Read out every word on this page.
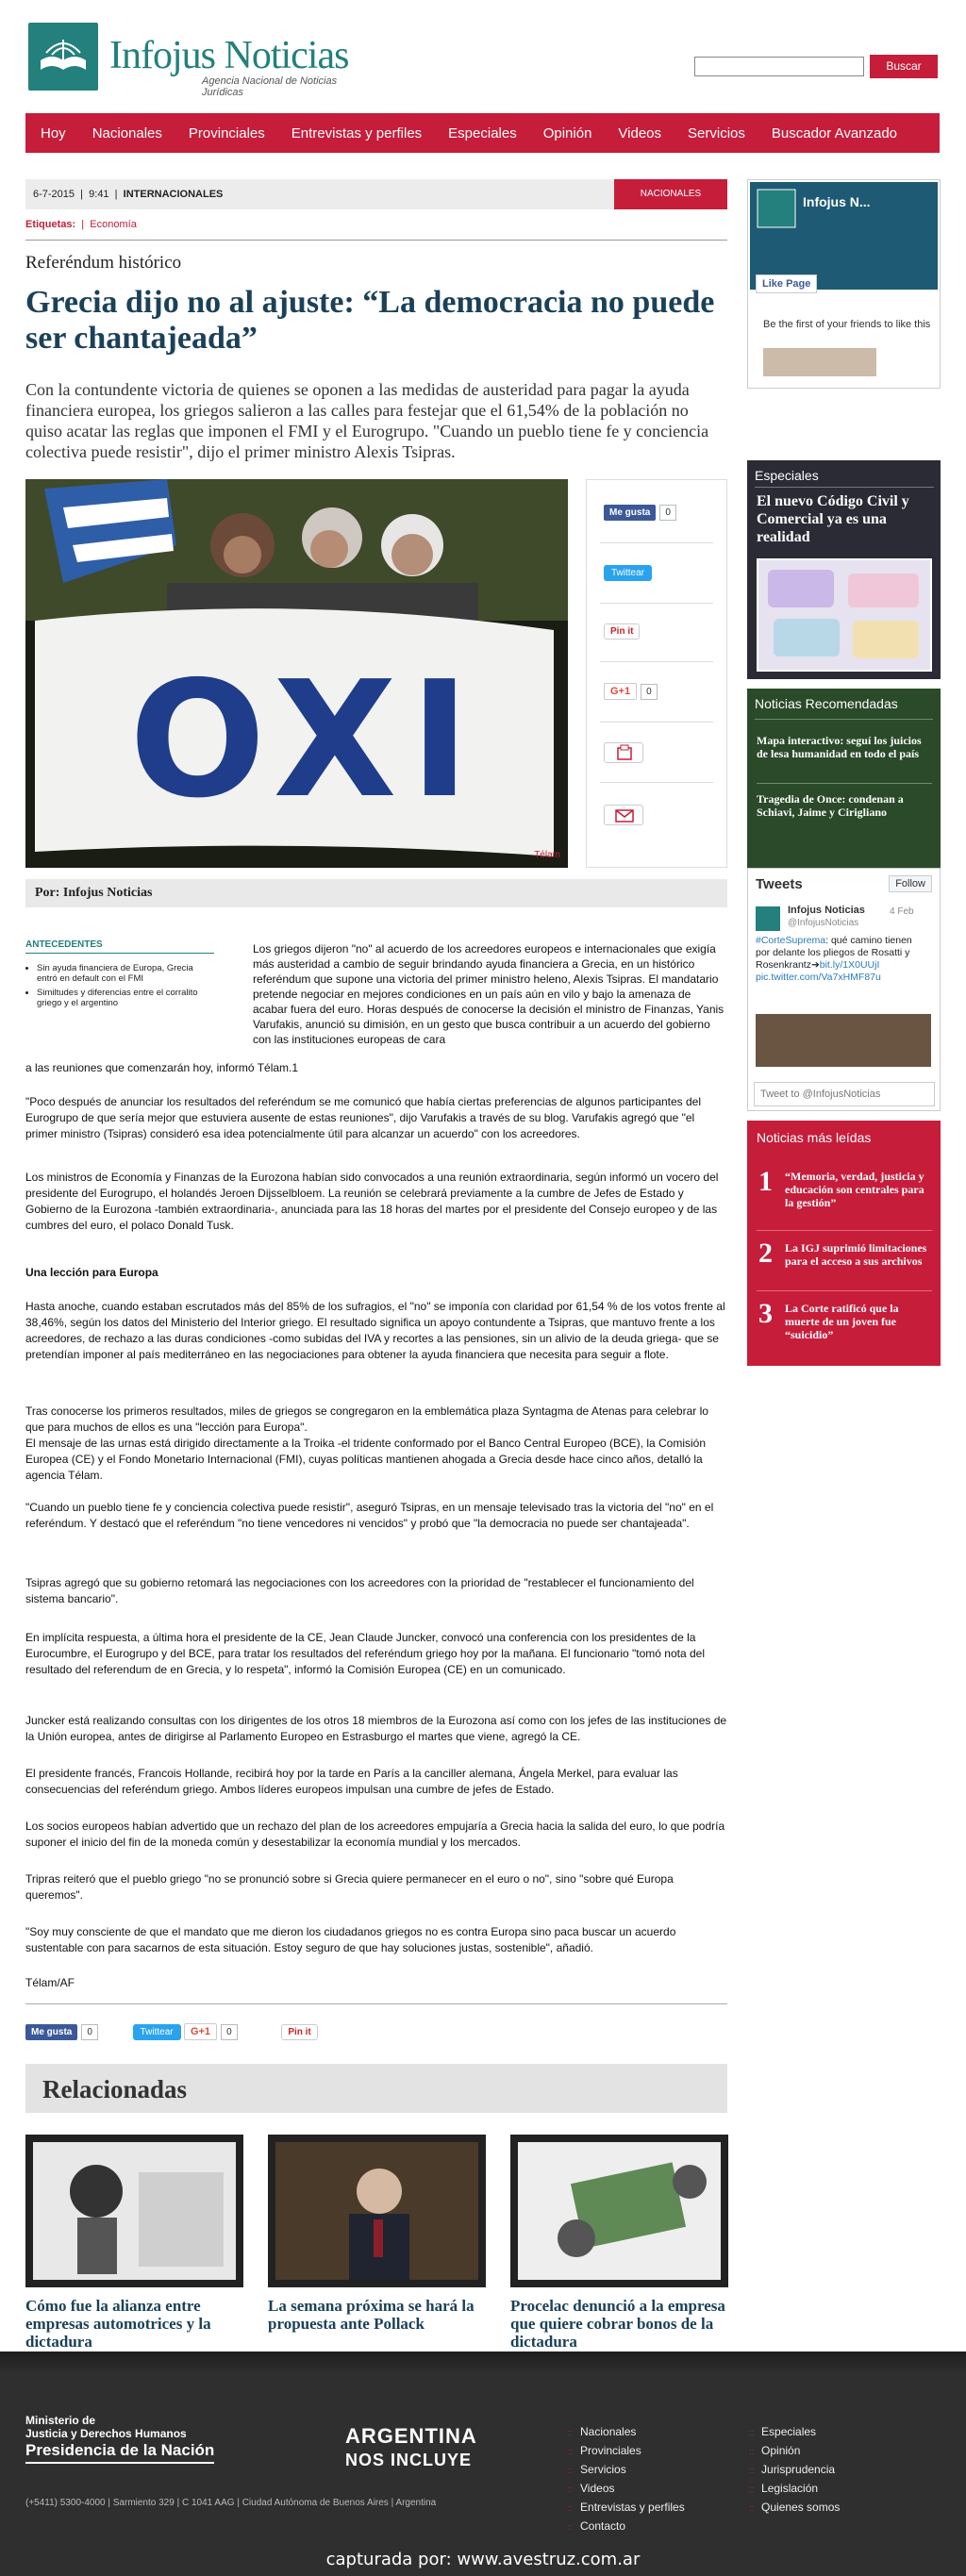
Infojus Noticias
Agencia Nacional de Noticias Jurídicas
Buscar
Hoy Nacionales Provinciales Entrevistas y perfiles Especiales Opinión Videos Servicios Buscador Avanzado
6-7-2015  |  9:41  |  INTERNACIONALES	NACIONALES
Etiquetas:  |  Economía
Referéndum histórico
Grecia dijo no al ajuste: “La democracia no puede ser chantajeada”

Con la contundente victoria de quienes se oponen a las medidas de austeridad para pagar la ayuda financiera europea, los griegos salieron a las calles para festejar que el 61,54% de la población no quiso acatar las reglas que imponen el FMI y el Eurogrupo. "Cuando un pueblo tiene fe y conciencia colectiva puede resistir", dijo el primer ministro Alexis Tsipras.

OXI
Télam
Me gusta 0
Twittear
Pin it
G+1 0
Por: Infojus Noticias
ANTECEDENTES
• Sin ayuda financiera de Europa, Grecia entró en default con el FMI
• Similtudes y diferencias entre el corralito griego y el argentino

Los griegos dijeron "no" al acuerdo de los acreedores europeos e internacionales que exigía más austeridad a cambio de seguir brindando ayuda financiera a Grecia, en un histórico referéndum que supone una victoria del primer ministro heleno, Alexis Tsipras. El mandatario pretende negociar en mejores condiciones en un país aún en vilo y bajo la amenaza de acabar fuera del euro. Horas después de conocerse la decisión el ministro de Finanzas, Yanis Varufakis, anunció su dimisión, en un gesto que busca contribuir a un acuerdo del gobierno con las instituciones europeas de cara

a las reuniones que comenzarán hoy, informó Télam.1

"Poco después de anunciar los resultados del referéndum se me comunicó que había ciertas preferencias de algunos participantes del Eurogrupo de que sería mejor que estuviera ausente de estas reuniones", dijo Varufakis a través de su blog. Varufakis agregó que "el primer ministro (Tsipras) consideró esa idea potencialmente útil para alcanzar un acuerdo" con los acreedores.

Los ministros de Economía y Finanzas de la Eurozona habían sido convocados a una reunión extraordinaria, según informó un vocero del presidente del Eurogrupo, el holandés Jeroen Dijsselbloem. La reunión se celebrará previamente a la cumbre de Jefes de Estado y Gobierno de la Eurozona -también extraordinaria-, anunciada para las 18 horas del martes por el presidente del Consejo europeo y de las cumbres del euro, el polaco Donald Tusk.

Una lección para Europa

Hasta anoche, cuando estaban escrutados más del 85% de los sufragios, el "no" se imponía con claridad por 61,54 % de los votos frente al 38,46%, según los datos del Ministerio del Interior griego. El resultado significa un apoyo contundente a Tsipras, que mantuvo frente a los acreedores, de rechazo a las duras condiciones -como subidas del IVA y recortes a las pensiones, sin un alivio de la deuda griega- que se pretendían imponer al país mediterráneo en las negociaciones para obtener la ayuda financiera que necesita para seguir a flote.

Tras conocerse los primeros resultados, miles de griegos se congregaron en la emblemática plaza Syntagma de Atenas para celebrar lo que para muchos de ellos es una "lección para Europa".

El mensaje de las urnas está dirigido directamente a la Troika -el tridente conformado por el Banco Central Europeo (BCE), la Comisión Europea (CE) y el Fondo Monetario Internacional (FMI), cuyas políticas mantienen ahogada a Grecia desde hace cinco años, detalló la agencia Télam.

"Cuando un pueblo tiene fe y conciencia colectiva puede resistir", aseguró Tsipras, en un mensaje televisado tras la victoria del "no" en el referéndum. Y destacó que el referéndum "no tiene vencedores ni vencidos" y probó que "la democracia no puede ser chantajeada".

Tsipras agregó que su gobierno retomará las negociaciones con los acreedores con la prioridad de "restablecer el funcionamiento del sistema bancario".

En implícita respuesta, a última hora el presidente de la CE, Jean Claude Juncker, convocó una conferencia con los presidentes de la Eurocumbre, el Eurogrupo y del BCE, para tratar los resultados del referéndum griego hoy por la mañana. El funcionario "tomó nota del resultado del referendum de en Grecia, y lo respeta", informó la Comisión Europea (CE) en un comunicado.

Juncker está realizando consultas con los dirigentes de los otros 18 miembros de la Eurozona así como con los jefes de las instituciones de la Unión europea, antes de dirigirse al Parlamento Europeo en Estrasburgo el martes que viene, agregó la CE.

El presidente francés, Francois Hollande, recibirá hoy por la tarde en París a la canciller alemana, Ángela Merkel, para evaluar las consecuencias del referéndum griego. Ambos líderes europeos impulsan una cumbre de jefes de Estado.

Los socios europeos habían advertido que un rechazo del plan de los acreedores empujaría a Grecia hacia la salida del euro, lo que podría suponer el inicio del fin de la moneda común y desestabilizar la economía mundial y los mercados.

Tripras reiteró que el pueblo griego "no se pronunció sobre si Grecia quiere permanecer en el euro o no", sino "sobre qué Europa queremos".

"Soy muy consciente de que el mandato que me dieron los ciudadanos griegos no es contra Europa sino paca buscar un acuerdo sustentable con para sacarnos de esta situación. Estoy seguro de que hay soluciones justas, sostenible", añadió.

Télam/AF

Me gusta 0	Twittear G+1 0	Pin it
Relacionadas
Cómo fue la alianza entre empresas automotrices y la dictadura
La semana próxima se hará la propuesta ante Pollack
Procelac denunció a la empresa que quiere cobrar bonos de la dictadura
Infojus N...
Like Page
Be the first of your friends to like this
Especiales
El nuevo Código Civil y Comercial ya es una realidad
Noticias Recomendadas
Mapa interactivo: seguí los juicios de lesa humanidad en todo el país
Tragedia de Once: condenan a Schiavi, Jaime y Cirigliano
Tweets	Follow
Infojus Noticias
@InfojusNoticias
4 Feb
#CorteSuprema: qué camino tienen por delante los pliegos de Rosatti y Rosenkrantz➔bit.ly/1X0UUjI pic.twitter.com/Va7xHMF87u
Tweet to @InfojusNoticias
Noticias más leídas
1 “Memoria, verdad, justicia y educación son centrales para la gestión”
2 La IGJ suprimió limitaciones para el acceso a sus archivos
3 La Corte ratificó que la muerte de un joven fue “suicidio”
Ministerio de
Justicia y Derechos Humanos
Presidencia de la Nación
ARGENTINA
NOS INCLUYE
(+5411) 5300-4000 | Sarmiento 329 | C 1041 AAG | Ciudad Autónoma de Buenos Aires | Argentina
:: Nacionales
:: Provinciales
:: Servicios
:: Videos
:: Entrevistas y perfiles
:: Contacto
:: Especiales
:: Opinión
:: Jurisprudencia
:: Legislación
:: Quienes somos
capturada por: www.avestruz.com.ar
